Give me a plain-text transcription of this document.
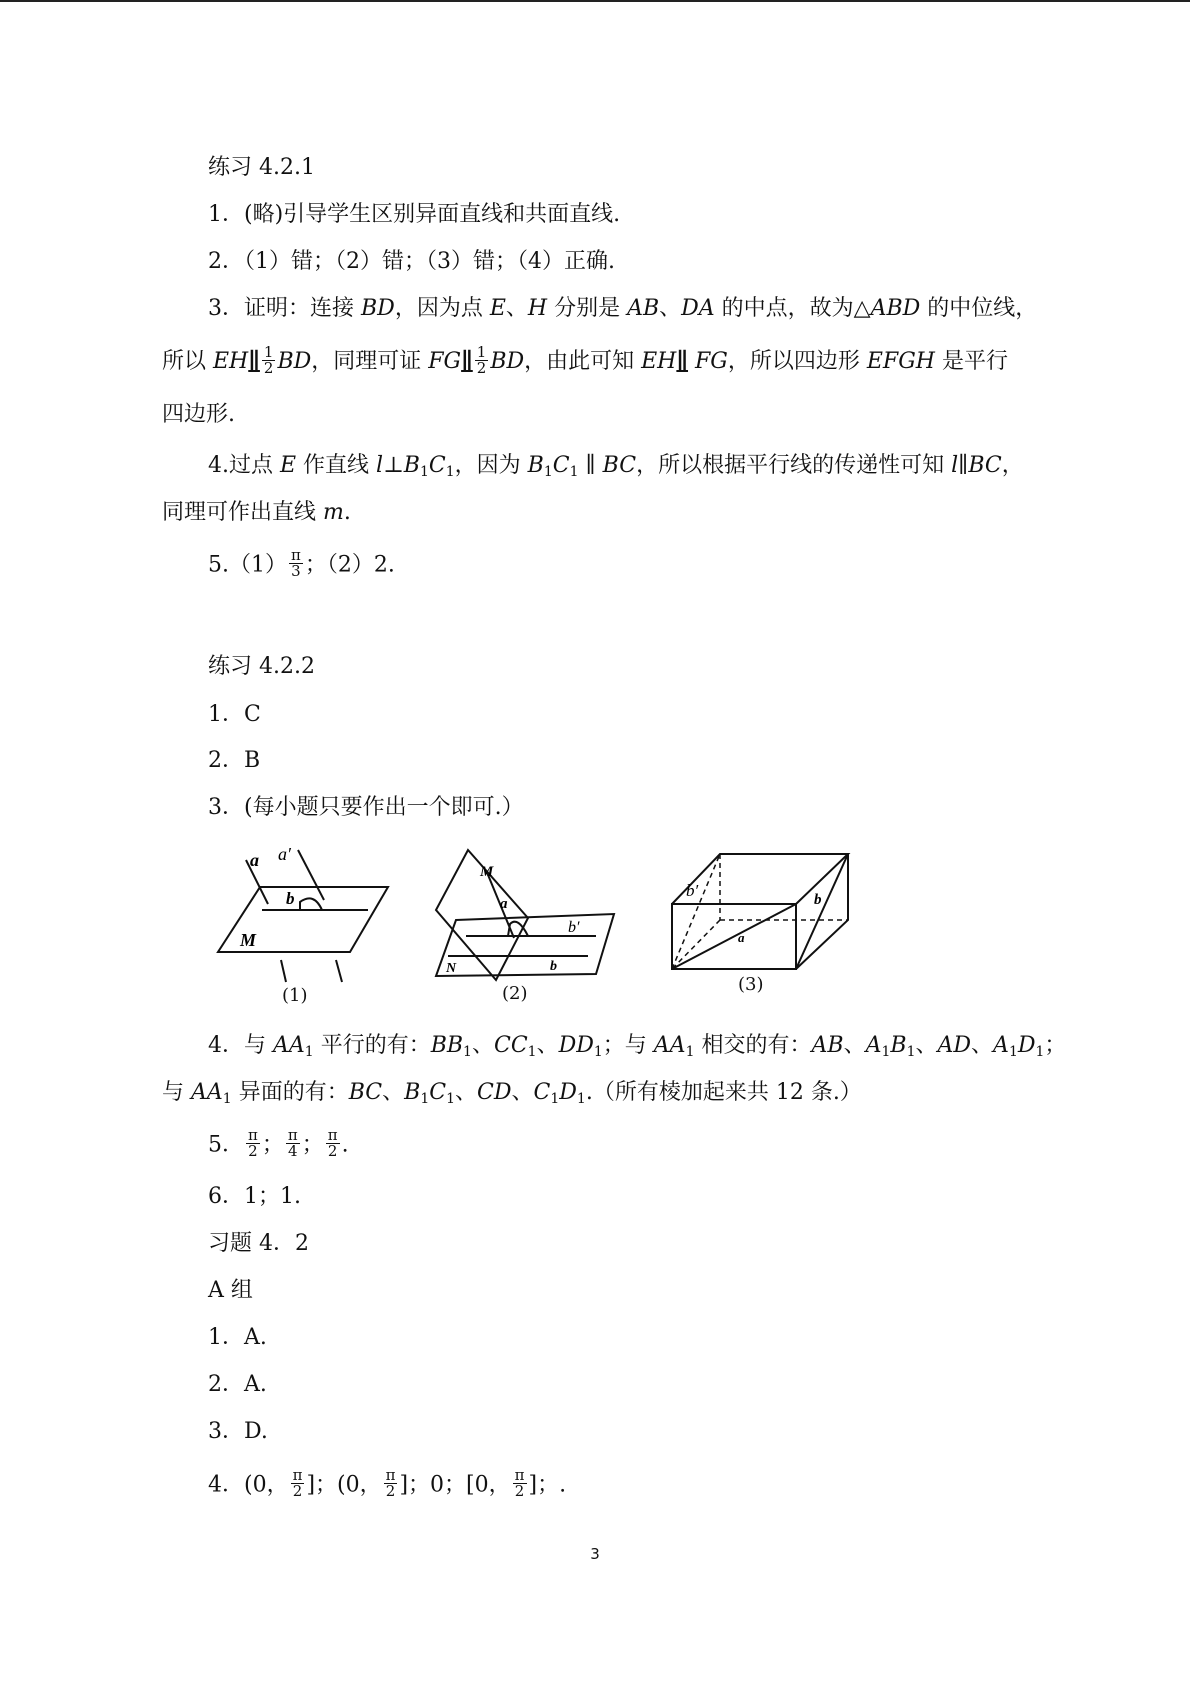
练习 4.2.1
1．(略)引导学生区别异面直线和共面直线.
2．（1）错；（2）错；（3）错；（4）正确.
3．证明：连接 BD，因为点 E、H 分别是 AB、DA 的中点，故为△ABD 的中位线，
所以 EH∥ $\frac{1}{2}$ BD，同理可证 FG∥ $\frac{1}{2}$ BD，由此可知 EH∥ FG，所以四边形 EFGH 是平行
四边形.
4.过点 E 作直线 $l\perp B_1C_1$，因为 $B_1C_1$ ∥ BC，所以根据平行线的传递性可知 l∥BC，
同理可作出直线 m.
$5.(1) \frac{\pi}{3}$ ；（2）2.
练习 4.2.2
1．C
2．B
3．(每小题只要作出一个即可.）
a a′
b
M
(1)
M
a
b′
N	b
(2)
b′
a
b
(3)
4．与 $AA_1$ 平行的有：$BB_1$、$CC_1$、$DD_1$；与 $AA_1$ 相交的有：AB、$A_1B_1$、AD、$A_1D_1$；
与 $AA_1$ 异面的有：BC、$B_1C_1$、CD、$C_1D_1$.（所有棱加起来共 12 条.）
5． $\frac{\pi}{2}$ ； $\frac{\pi}{4}$ ； $\frac{\pi}{2}$ .
6．1；1.
习题 4．2
A 组
1．A.
2．A.
3．D.
4．(0， $\frac{\pi}{2}$ ]；(0， $\frac{\pi}{2}$ ]；0；[0， $\frac{\pi}{2}$ ]；.
3
